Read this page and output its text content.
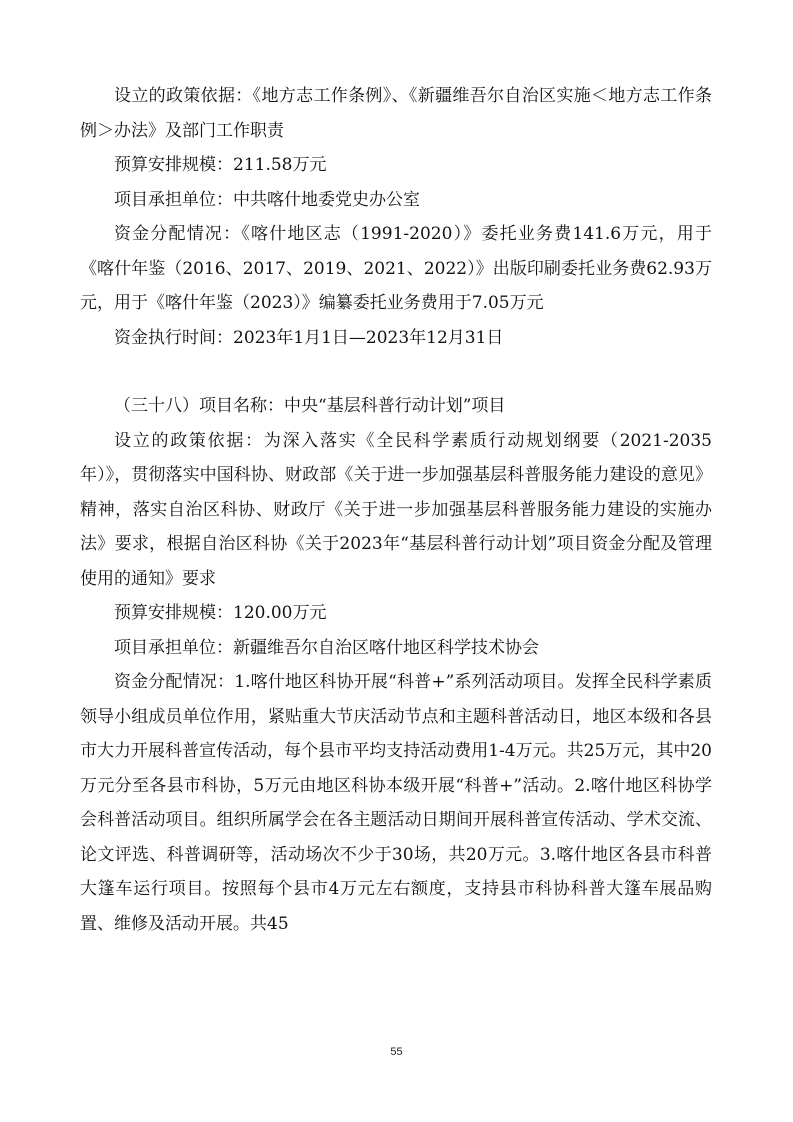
设立的政策依据：《地方志工作条例》、《新疆维吾尔自治区实施＜地方志工作条例＞办法》及部门工作职责

预算安排规模：211.58万元

项目承担单位：中共喀什地委党史办公室

资金分配情况：《喀什地区志（1991-2020）》委托业务费141.6万元，用于《喀什年鉴（2016、2017、2019、2021、2022）》出版印刷委托业务费62.93万元，用于《喀什年鉴（2023）》编纂委托业务费用于7.05万元

资金执行时间：2023年1月1日—2023年12月31日

（三十八）项目名称：中央“基层科普行动计划”项目

设立的政策依据：为深入落实《全民科学素质行动规划纲要（2021-2035年）》，贯彻落实中国科协、财政部《关于进一步加强基层科普服务能力建设的意见》精神，落实自治区科协、财政厅《关于进一步加强基层科普服务能力建设的实施办法》要求，根据自治区科协《关于2023年“基层科普行动计划”项目资金分配及管理使用的通知》要求

预算安排规模：120.00万元

项目承担单位：新疆维吾尔自治区喀什地区科学技术协会

资金分配情况：1.喀什地区科协开展“科普+”系列活动项目。发挥全民科学素质领导小组成员单位作用，紧贴重大节庆活动节点和主题科普活动日，地区本级和各县市大力开展科普宣传活动，每个县市平均支持活动费用1-4万元。共25万元，其中20万元分至各县市科协，5万元由地区科协本级开展“科普+”活动。2.喀什地区科协学会科普活动项目。组织所属学会在各主题活动日期间开展科普宣传活动、学术交流、论文评选、科普调研等，活动场次不少于30场，共20万元。3.喀什地区各县市科普大篷车运行项目。按照每个县市4万元左右额度，支持县市科协科普大篷车展品购置、维修及活动开展。共45

55
